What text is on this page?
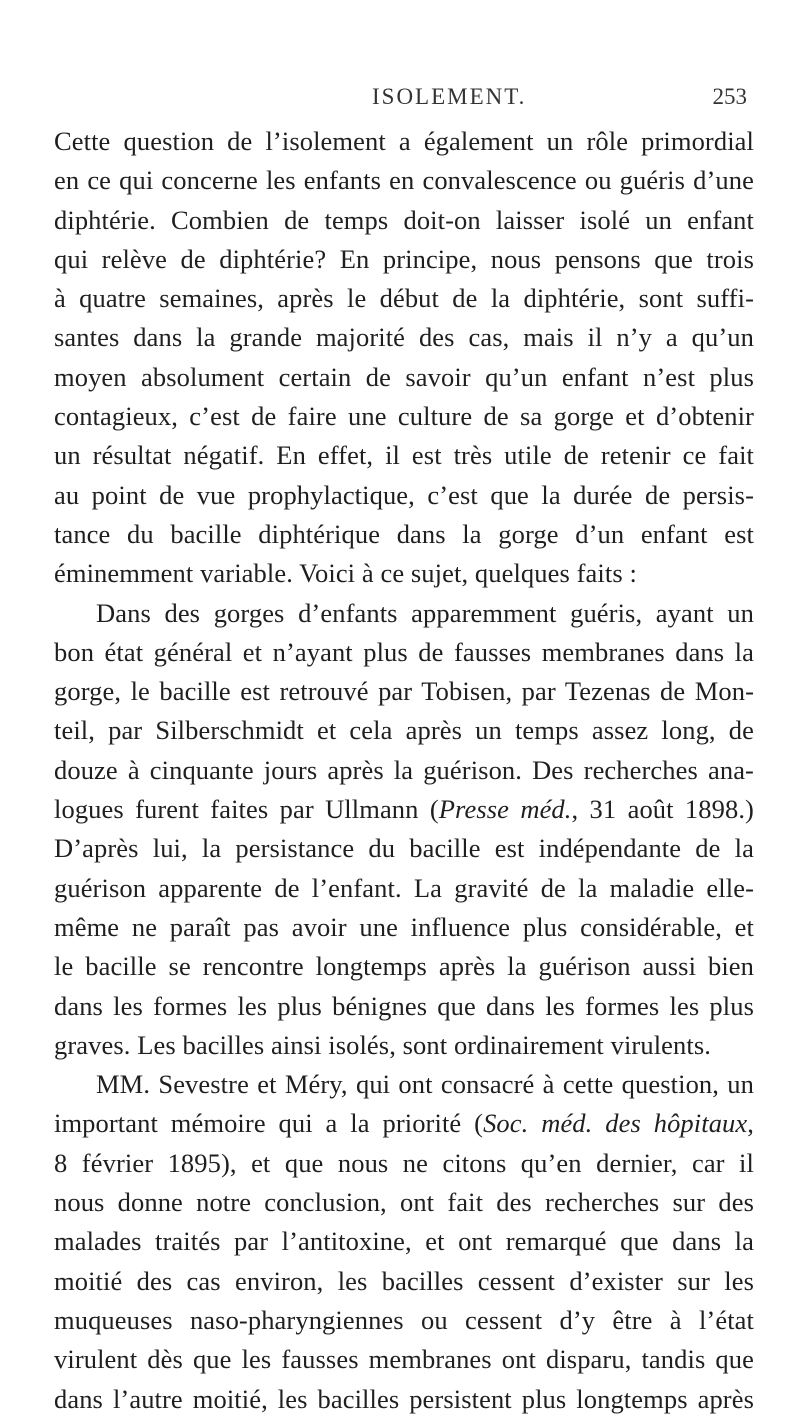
ISOLEMENT.	253
Cette question de l’isolement a également un rôle primordial
en ce qui concerne les enfants en convalescence ou guéris d’une
diphtérie. Combien de temps doit-on laisser isolé un enfant
qui relève de diphtérie? En principe, nous pensons que trois
à quatre semaines, après le début de la diphtérie, sont suffi-
santes dans la grande majorité des cas, mais il n’y a qu’un
moyen absolument certain de savoir qu’un enfant n’est plus
contagieux, c’est de faire une culture de sa gorge et d’obtenir
un résultat négatif. En effet, il est très utile de retenir ce fait
au point de vue prophylactique, c’est que la durée de persis-
tance du bacille diphtérique dans la gorge d’un enfant est
éminemment variable. Voici à ce sujet, quelques faits :
Dans des gorges d’enfants apparemment guéris, ayant un
bon état général et n’ayant plus de fausses membranes dans la
gorge, le bacille est retrouvé par Tobisen, par Tezenas de Mon-
teil, par Silberschmidt et cela après un temps assez long, de
douze à cinquante jours après la guérison. Des recherches ana-
logues furent faites par Ullmann (Presse méd., 31 août 1898.)
D’après lui, la persistance du bacille est indépendante de la
guérison apparente de l’enfant. La gravité de la maladie elle-
même ne paraît pas avoir une influence plus considérable, et
le bacille se rencontre longtemps après la guérison aussi bien
dans les formes les plus bénignes que dans les formes les plus
graves. Les bacilles ainsi isolés, sont ordinairement virulents.
MM. Sevestre et Méry, qui ont consacré à cette question, un
important mémoire qui a la priorité (Soc. méd. des hôpitaux,
8 février 1895), et que nous ne citons qu’en dernier, car il
nous donne notre conclusion, ont fait des recherches sur des
malades traités par l’antitoxine, et ont remarqué que dans la
moitié des cas environ, les bacilles cessent d’exister sur les
muqueuses naso-pharyngiennes ou cessent d’y être à l’état
virulent dès que les fausses membranes ont disparu, tandis que
dans l’autre moitié, les bacilles persistent plus longtemps après
